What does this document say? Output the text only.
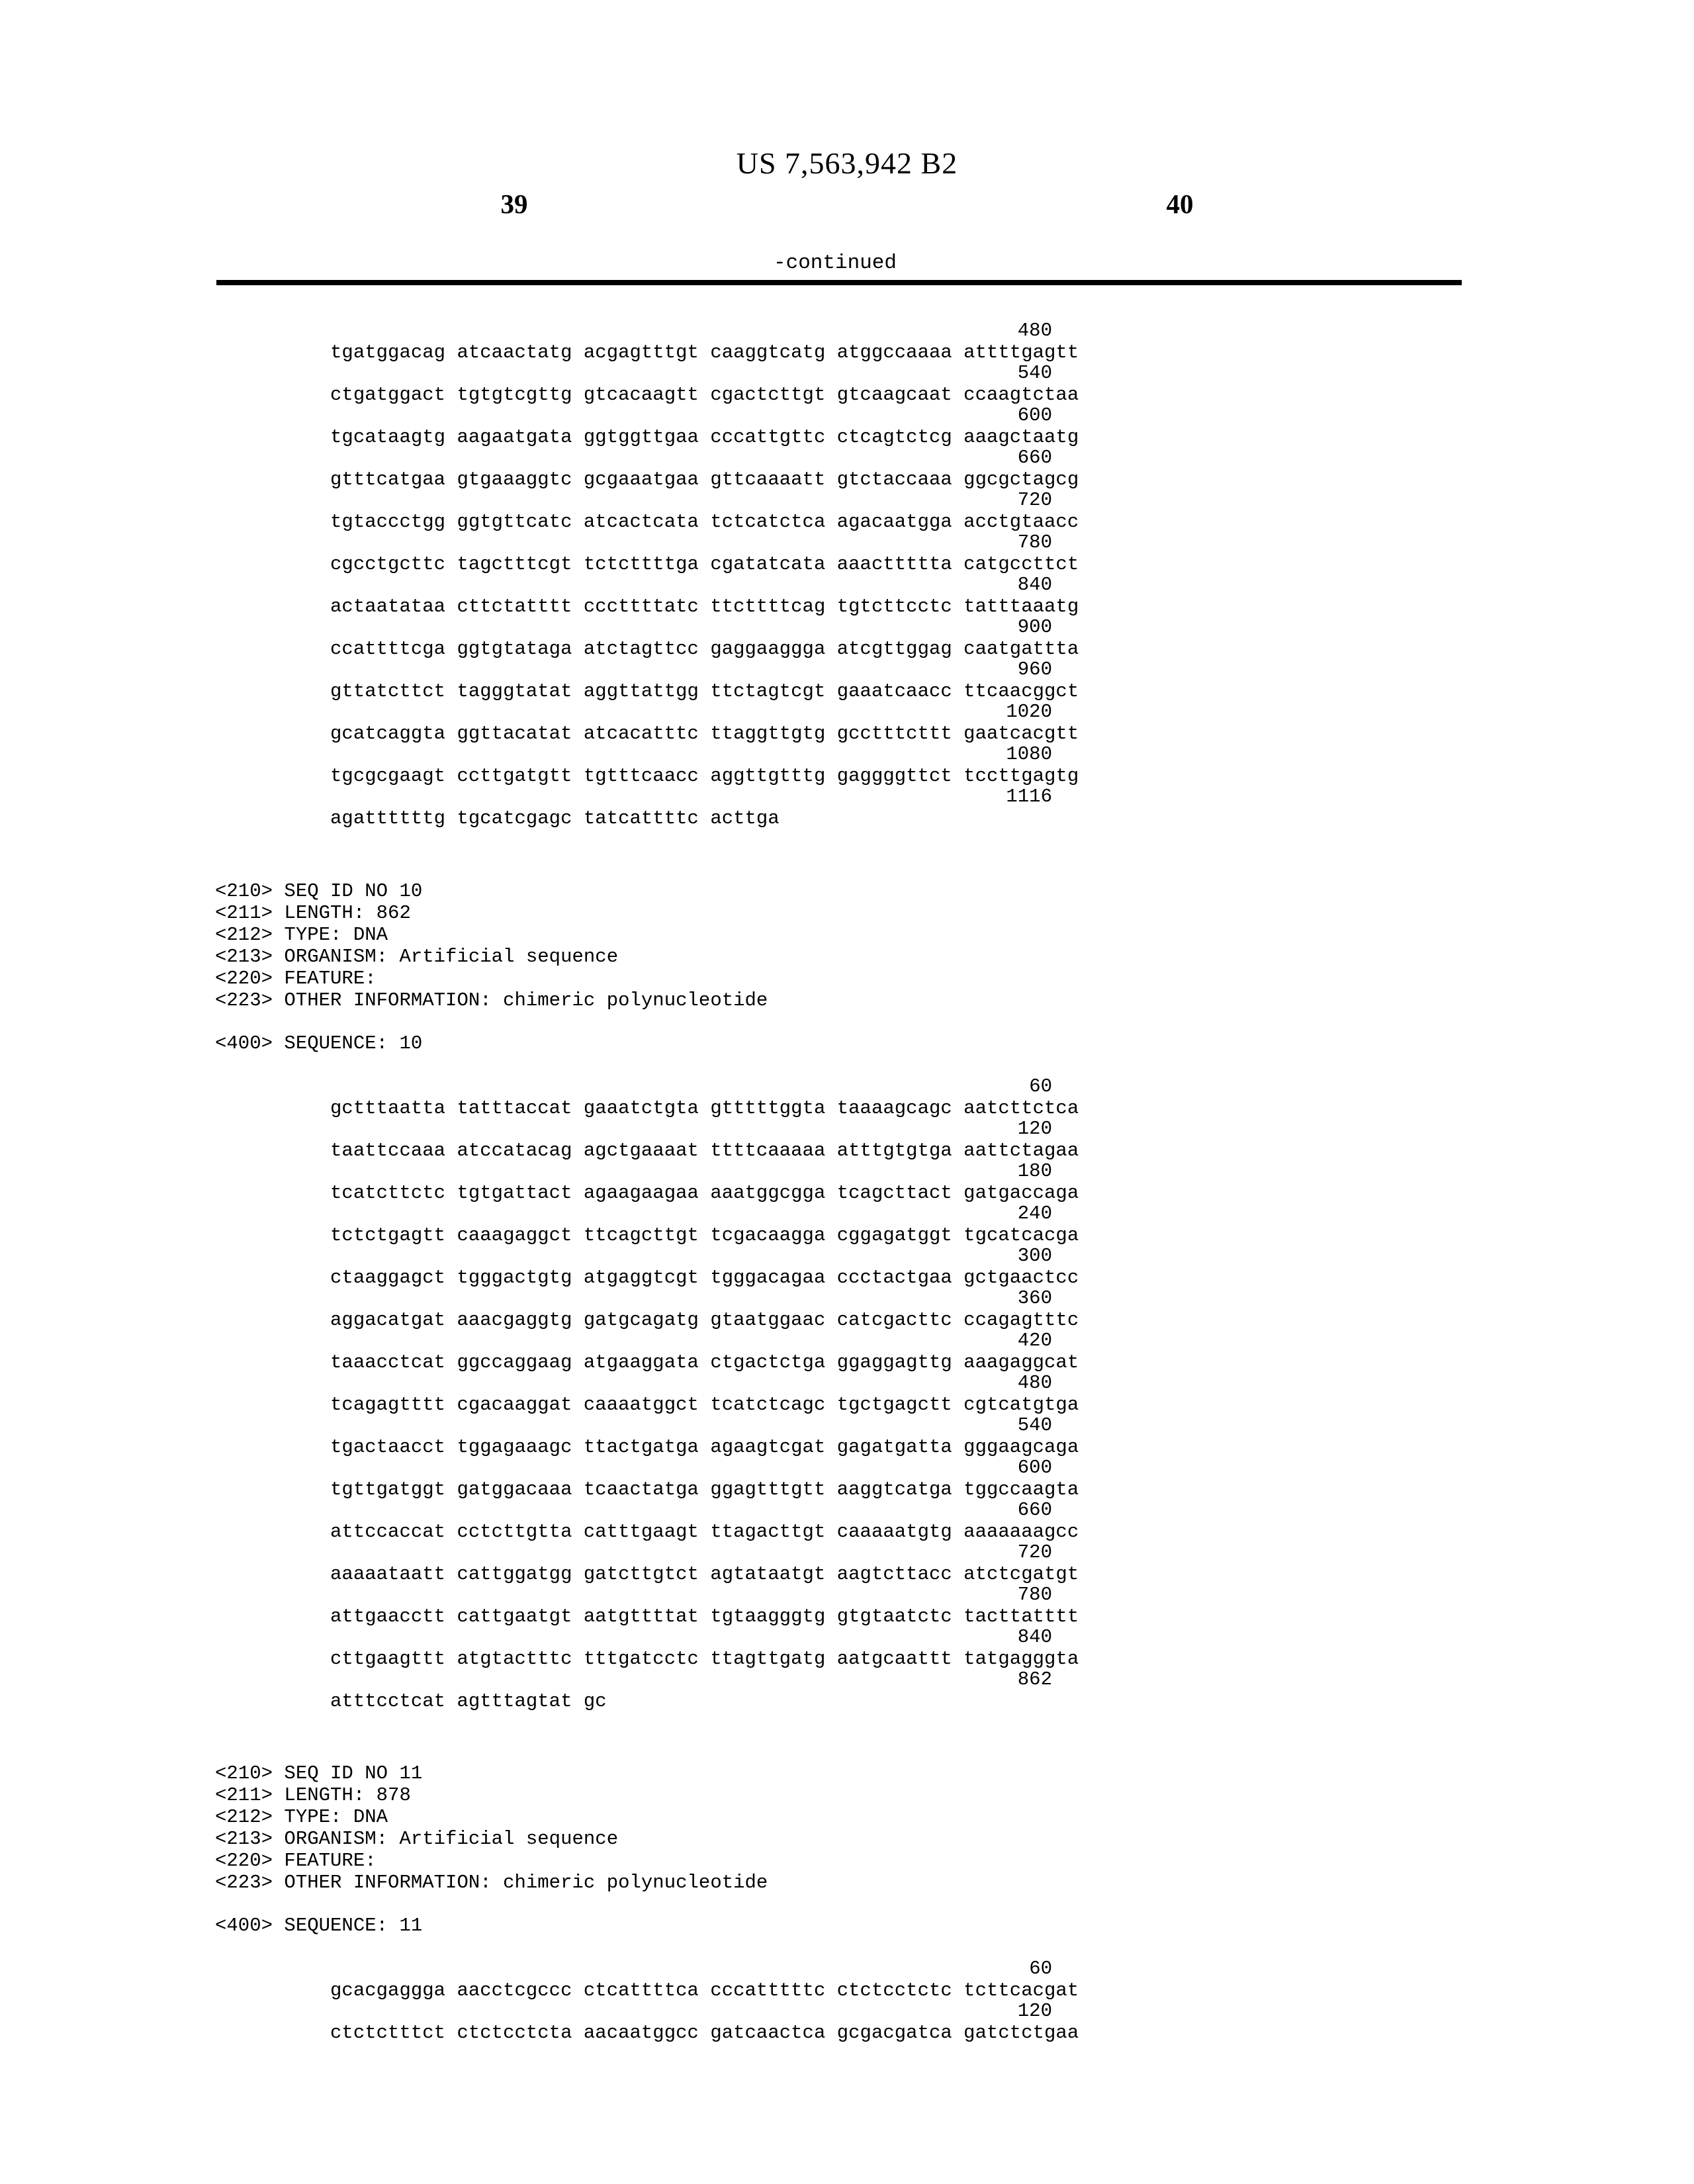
US 7,563,942 B2
39	40
-continued

tgatggacag atcaactatg acgagtttgt caaggtcatg atggccaaaa attttgagtt

480

ctgatggact tgtgtcgttg gtcacaagtt cgactcttgt gtcaagcaat ccaagtctaa

540

tgcataagtg aagaatgata ggtggttgaa cccattgttc ctcagtctcg aaagctaatg

600

gtttcatgaa gtgaaaggtc gcgaaatgaa gttcaaaatt gtctaccaaa ggcgctagcg

660

tgtaccctgg ggtgttcatc atcactcata tctcatctca agacaatgga acctgtaacc

720

cgcctgcttc tagctttcgt tctcttttga cgatatcata aaacttttta catgccttct

780

actaatataa cttctatttt cccttttatc ttcttttcag tgtcttcctc tatttaaatg

840

ccattttcga ggtgtataga atctagttcc gaggaaggga atcgttggag caatgattta

900

gttatcttct tagggtatat aggttattgg ttctagtcgt gaaatcaacc ttcaacggct

960

gcatcaggta ggttacatat atcacatttc ttaggttgtg gcctttcttt gaatcacgtt

1020

tgcgcgaagt ccttgatgtt tgtttcaacc aggttgtttg gaggggttct tccttgagtg

1080

agattttttg tgcatcgagc tatcattttc acttga

1116

<210> SEQ ID NO 10
<211> LENGTH: 862
<212> TYPE: DNA
<213> ORGANISM: Artificial sequence
<220> FEATURE:
<223> OTHER INFORMATION: chimeric polynucleotide
<400> SEQUENCE: 10

gctttaatta tatttaccat gaaatctgta gtttttggta taaaagcagc aatcttctca

60

taattccaaa atccatacag agctgaaaat ttttcaaaaa atttgtgtga aattctagaa

120

tcatcttctc tgtgattact agaagaagaa aaatggcgga tcagcttact gatgaccaga

180

tctctgagtt caaagaggct ttcagcttgt tcgacaagga cggagatggt tgcatcacga

240

ctaaggagct tgggactgtg atgaggtcgt tgggacagaa ccctactgaa gctgaactcc

300

aggacatgat aaacgaggtg gatgcagatg gtaatggaac catcgacttc ccagagtttc

360

taaacctcat ggccaggaag atgaaggata ctgactctga ggaggagttg aaagaggcat

420

tcagagtttt cgacaaggat caaaatggct tcatctcagc tgctgagctt cgtcatgtga

480

tgactaacct tggagaaagc ttactgatga agaagtcgat gagatgatta gggaagcaga

540

tgttgatggt gatggacaaa tcaactatga ggagtttgtt aaggtcatga tggccaagta

600

attccaccat cctcttgtta catttgaagt ttagacttgt caaaaatgtg aaaaaaagcc

660

aaaaataatt cattggatgg gatcttgtct agtataatgt aagtcttacc atctcgatgt

720

attgaacctt cattgaatgt aatgttttat tgtaagggtg gtgtaatctc tacttatttt

780

cttgaagttt atgtactttc tttgatcctc ttagttgatg aatgcaattt tatgagggta

840

atttcctcat agtttagtat gc

862

<210> SEQ ID NO 11
<211> LENGTH: 878
<212> TYPE: DNA
<213> ORGANISM: Artificial sequence
<220> FEATURE:
<223> OTHER INFORMATION: chimeric polynucleotide
<400> SEQUENCE: 11

gcacgaggga aacctcgccc ctcattttca cccatttttc ctctcctctc tcttcacgat

60

ctctctttct ctctcctcta aacaatggcc gatcaactca gcgacgatca gatctctgaa

120
